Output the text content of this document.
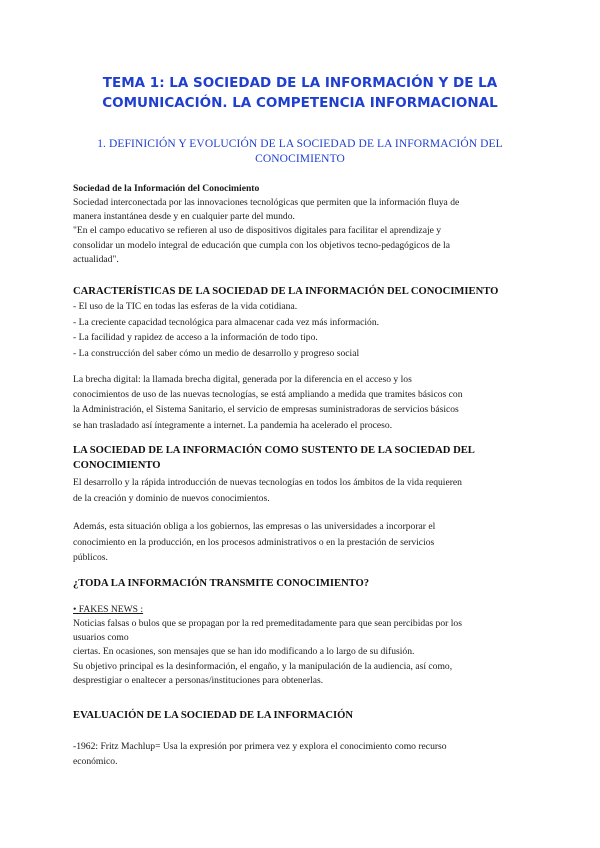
TEMA 1: LA SOCIEDAD DE LA INFORMACIÓN Y DE LA COMUNICACIÓN. LA COMPETENCIA INFORMACIONAL
1. DEFINICIÓN Y EVOLUCIÓN DE LA SOCIEDAD DE LA INFORMACIÓN DEL CONOCIMIENTO
Sociedad de la Información del Conocimiento
Sociedad interconectada por las innovaciones tecnológicas que permiten que la información fluya de
manera instantánea desde y en cualquier parte del mundo.
"En el campo educativo se refieren al uso de dispositivos digitales para facilitar el aprendizaje y
consolidar un modelo integral de educación que cumpla con los objetivos tecno-pedagógicos de la
actualidad".
CARACTERÍSTICAS DE LA SOCIEDAD DE LA INFORMACIÓN DEL CONOCIMIENTO
- El uso de la TIC en todas las esferas de la vida cotidiana.
- La creciente capacidad tecnológica para almacenar cada vez más información.
- La facilidad y rapidez de acceso a la información de todo tipo.
- La construcción del saber cómo un medio de desarrollo y progreso social
La brecha digital: la llamada brecha digital, generada por la diferencia en el acceso y los
conocimientos de uso de las nuevas tecnologías, se está ampliando a medida que tramites básicos con
la Administración, el Sistema Sanitario, el servicio de empresas suministradoras de servicios básicos
se han trasladado así íntegramente a internet. La pandemia ha acelerado el proceso.
LA SOCIEDAD DE LA INFORMACIÓN COMO SUSTENTO DE LA SOCIEDAD DEL
CONOCIMIENTO
El desarrollo y la rápida introducción de nuevas tecnologías en todos los ámbitos de la vida requieren
de la creación y dominio de nuevos conocimientos.
Además, esta situación obliga a los gobiernos, las empresas o las universidades a incorporar el
conocimiento en la producción, en los procesos administrativos o en la prestación de servicios
públicos.
¿TODA LA INFORMACIÓN TRANSMITE CONOCIMIENTO?
• FAKES NEWS :
Noticias falsas o bulos que se propagan por la red premeditadamente para que sean percibidas por los
usuarios como
ciertas. En ocasiones, son mensajes que se han ido modificando a lo largo de su difusión.
Su objetivo principal es la desinformación, el engaño, y la manipulación de la audiencia, así como,
desprestigiar o enaltecer a personas/instituciones para obtenerlas.
EVALUACIÓN DE LA SOCIEDAD DE LA INFORMACIÓN
-1962: Fritz Machlup= Usa la expresión por primera vez y explora el conocimiento como recurso
económico.
